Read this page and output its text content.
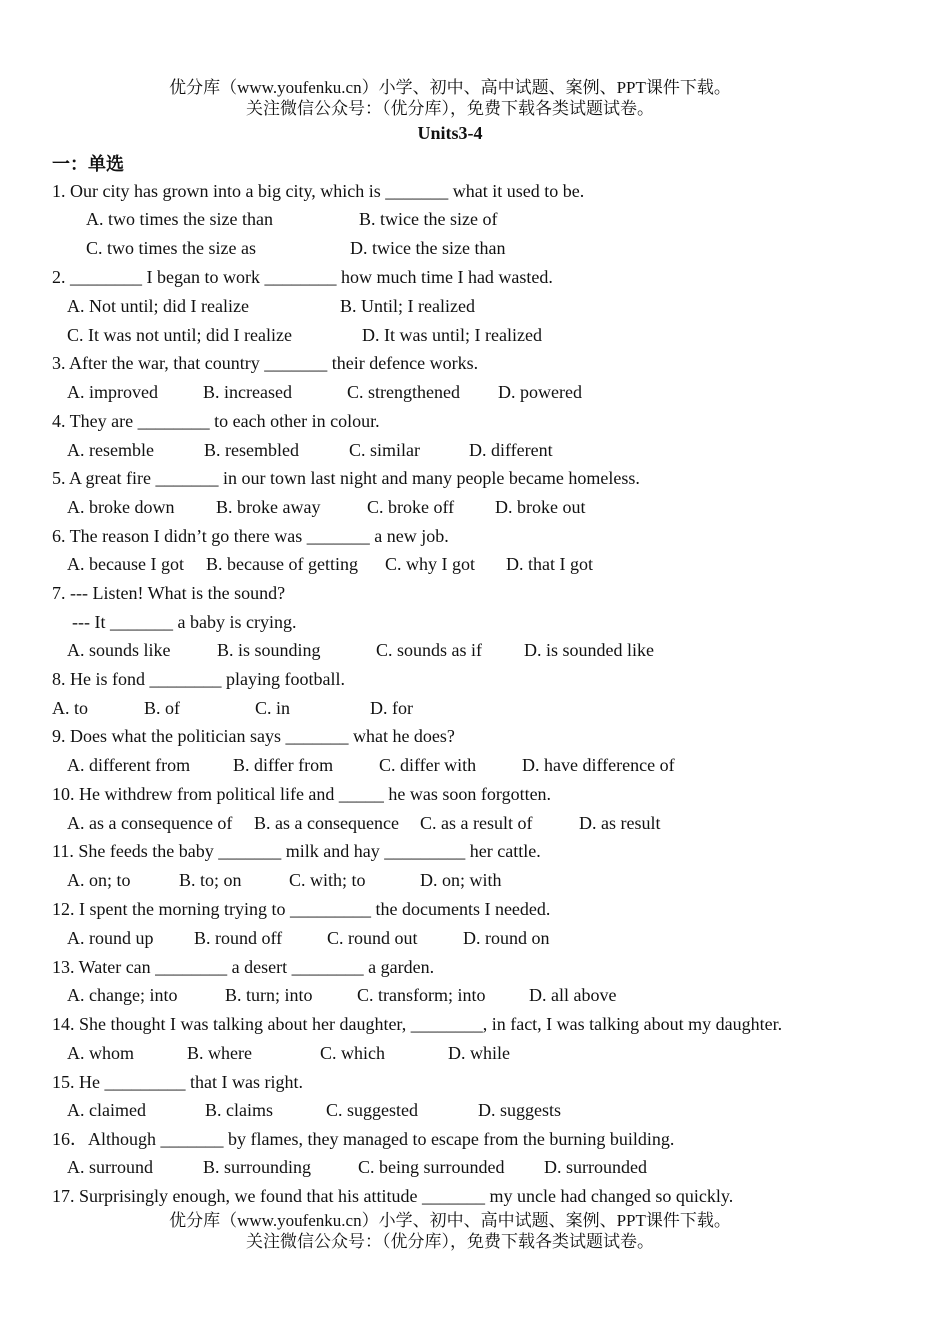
优分库（www.youfenku.cn）小学、初中、高中试题、案例、PPT课件下载。
关注微信公众号：（优分库），免费下载各类试题试卷。
Units3-4
一：单选
1. Our city has grown into a big city, which is _______ what it used to be.
A. two times the size than	B. twice the size of
C. two times the size as	D. twice the size than
2. ________ I began to work ________ how much time I had wasted.
A. Not until; did I realize	B. Until; I realized
C. It was not until; did I realize	D. It was until; I realized
3. After the war, that country _______ their defence works.
A. improved	B. increased	C. strengthened D. powered
4. They are ________ to each other in colour.
A. resemble	B. resembled	C. similar	D. different
5. A great fire _______ in our town last night and many people became homeless.
A. broke down B. broke away	C. broke off D. broke out
6. The reason I didn’t go there was _______ a new job.
A. because I got B. because of getting C. why I got D. that I got
7. --- Listen! What is the sound?
--- It _______ a baby is crying.
A. sounds like	B. is sounding	C. sounds as if D. is sounded like
8. He is fond ________ playing football.
A. to	B. of	C. in	D. for
9. Does what the politician says _______ what he does?
A. different from B. differ from	C. differ with	D. have difference of
10. He withdrew from political life and _____ he was soon forgotten.
A. as a consequence of B. as a consequence C. as a result of	D. as result
11. She feeds the baby _______ milk and hay _________ her cattle.
A. on; to	B. to; on	C. with; to	D. on; with
12. I spent the morning trying to _________ the documents I needed.
A. round up B. round off C. round out	D. round on
13. Water can ________ a desert ________ a garden.
A. change; into	B. turn; into C. transform; into D. all above
14. She thought I was talking about her daughter, ________, in fact, I was talking about my daughter.
A. whom	B. where	C. which	D. while
15. He _________ that I was right.
A. claimed	B. claims	C. suggested	D. suggests
16．Although _______ by flames, they managed to escape from the burning building.
A. surround	B. surrounding	C. being surrounded D. surrounded
17. Surprisingly enough, we found that his attitude _______ my uncle had changed so quickly.
优分库（www.youfenku.cn）小学、初中、高中试题、案例、PPT课件下载。
关注微信公众号：（优分库），免费下载各类试题试卷。
